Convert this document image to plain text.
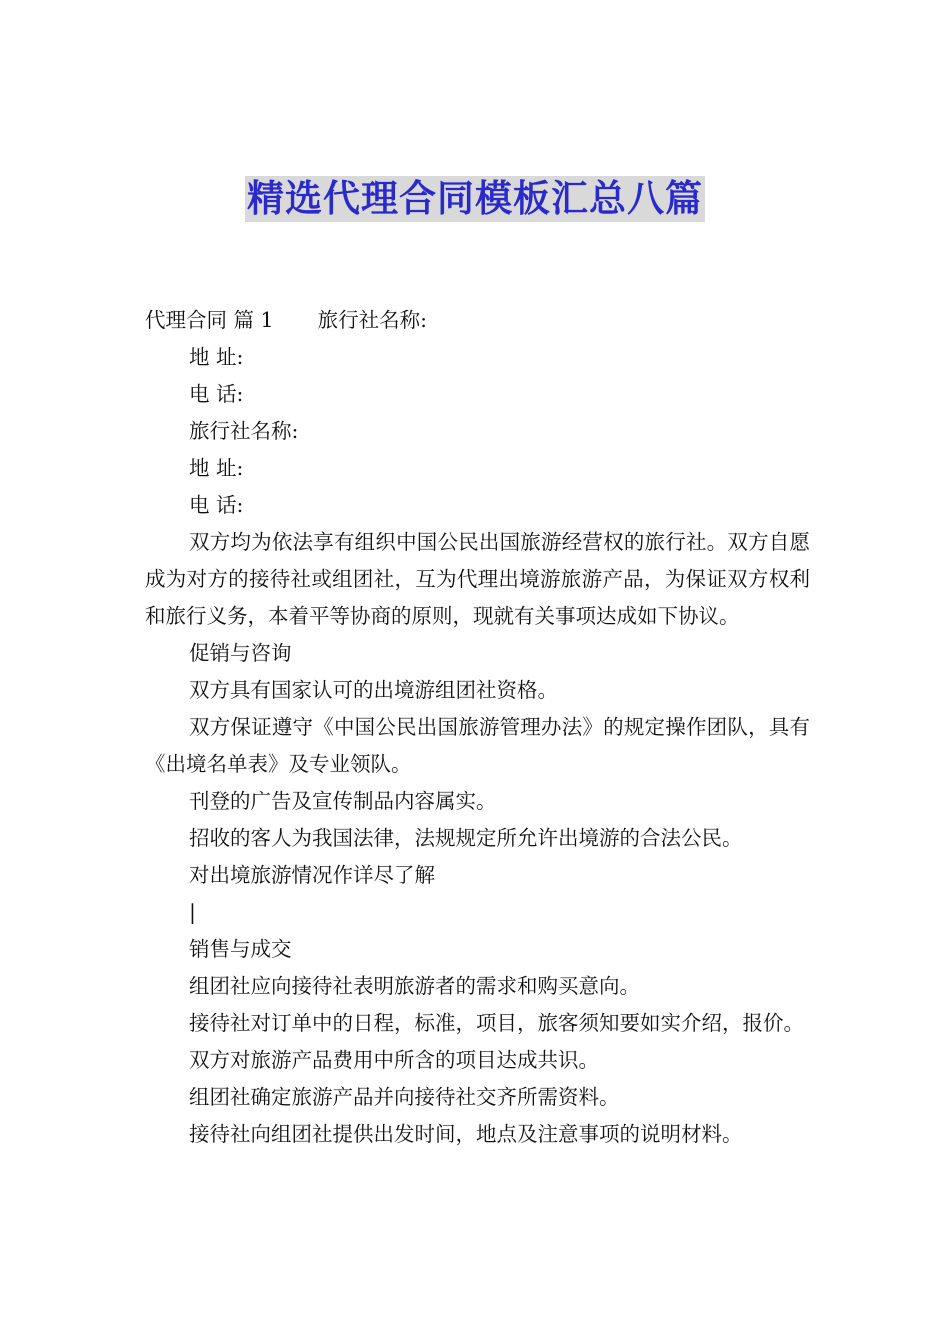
精选代理合同模板汇总八篇

代理合同 篇 1 旅行社名称:

地 址:

电 话:

旅行社名称:

地 址:

电 话:

双方均为依法享有组织中国公民出国旅游经营权的旅行社。双方自愿成为对方的接待社或组团社，互为代理出境游旅游产品，为保证双方权利和旅行义务，本着平等协商的原则，现就有关事项达成如下协议。

促销与咨询

双方具有国家认可的出境游组团社资格。

双方保证遵守《中国公民出国旅游管理办法》的规定操作团队，具有《出境名单表》及专业领队。

刊登的广告及宣传制品内容属实。

招收的客人为我国法律，法规规定所允许出境游的合法公民。

对出境旅游情况作详尽了解

|

销售与成交

组团社应向接待社表明旅游者的需求和购买意向。

接待社对订单中的日程，标准，项目，旅客须知要如实介绍，报价。

双方对旅游产品费用中所含的项目达成共识。

组团社确定旅游产品并向接待社交齐所需资料。

接待社向组团社提供出发时间，地点及注意事项的说明材料。
